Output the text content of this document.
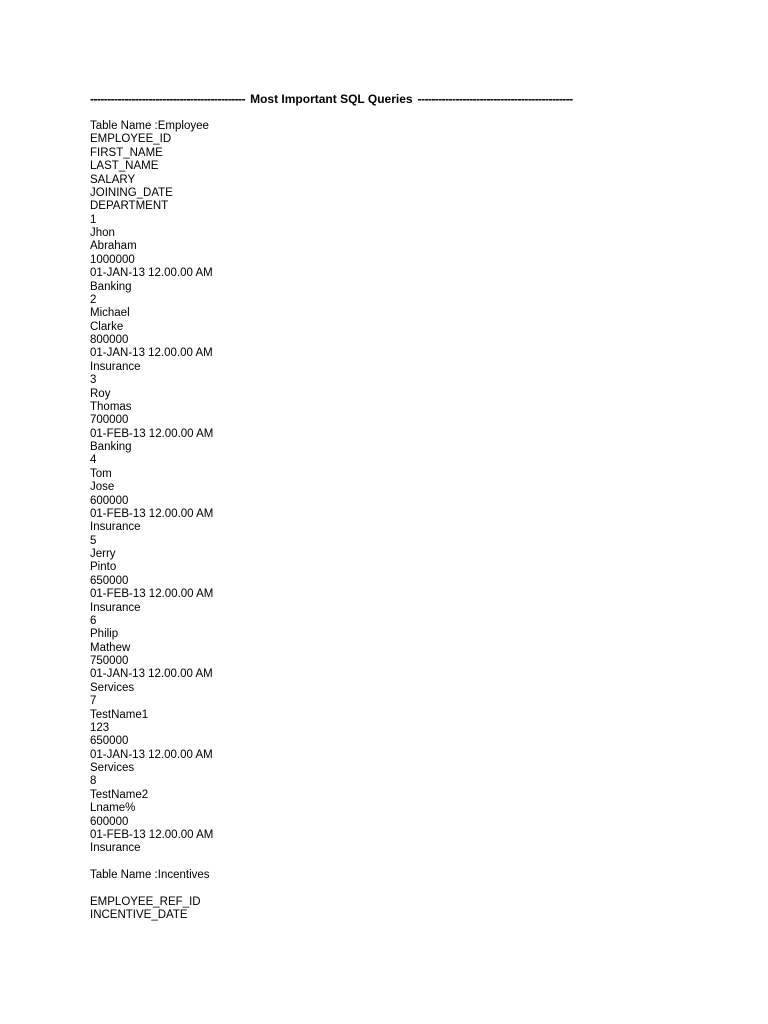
--------------------------------------------- Most Important SQL Queries ---------------------------------------------
Table Name :Employee
EMPLOYEE_ID
FIRST_NAME
LAST_NAME
SALARY
JOINING_DATE
DEPARTMENT
1
Jhon
Abraham
1000000
01-JAN-13 12.00.00 AM
Banking
2
Michael
Clarke
800000
01-JAN-13 12.00.00 AM
Insurance
3
Roy
Thomas
700000
01-FEB-13 12.00.00 AM
Banking
4
Tom
Jose
600000
01-FEB-13 12.00.00 AM
Insurance
5
Jerry
Pinto
650000
01-FEB-13 12.00.00 AM
Insurance
6
Philip
Mathew
750000
01-JAN-13 12.00.00 AM
Services
7
TestName1
123
650000
01-JAN-13 12.00.00 AM
Services
8
TestName2
Lname%
600000
01-FEB-13 12.00.00 AM
Insurance
Table Name :Incentives
EMPLOYEE_REF_ID
INCENTIVE_DATE
